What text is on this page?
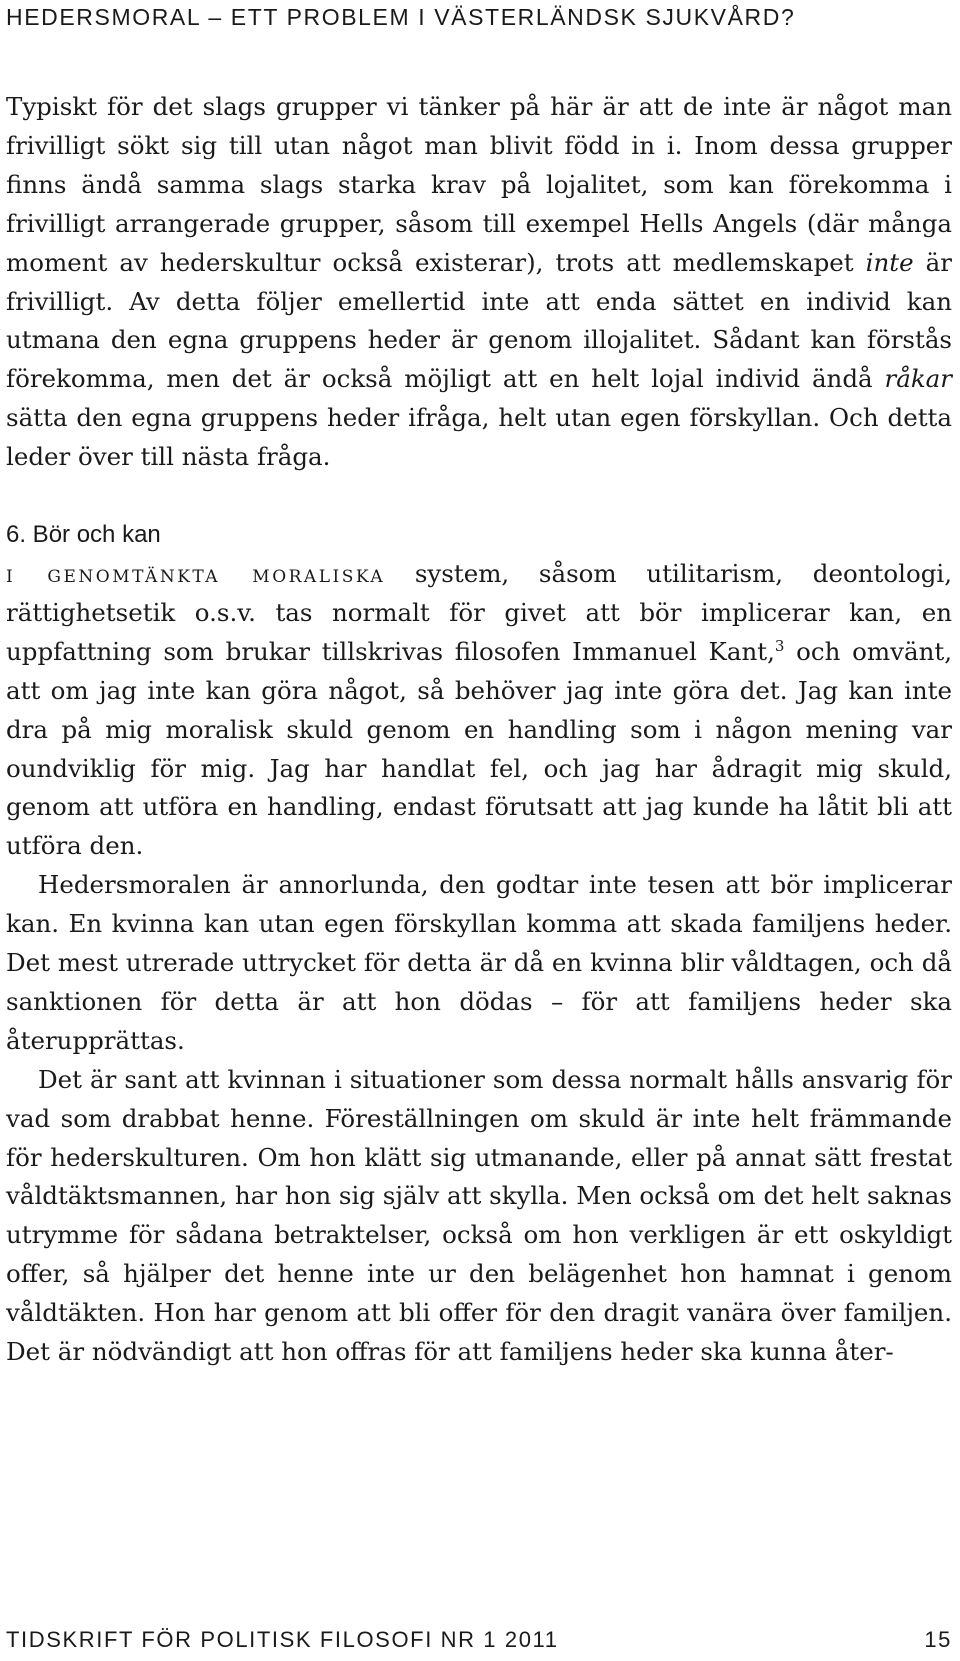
HEDERSMORAL – ETT PROBLEM I VÄSTERLÄNDSK SJUKVÅRD?

Typiskt för det slags grupper vi tänker på här är att de inte är något man frivilligt sökt sig till utan något man blivit född in i. Inom dessa grupper finns ändå samma slags starka krav på lojalitet, som kan förekomma i frivilligt arrangerade grupper, såsom till exempel Hells Angels (där många moment av hederskultur också existerar), trots att medlemskapet inte är frivilligt. Av detta följer emellertid inte att enda sättet en individ kan utmana den egna gruppens heder är genom illojalitet. Sådant kan förstås förekomma, men det är också möjligt att en helt lojal individ ändå råkar sätta den egna gruppens heder ifråga, helt utan egen förskyllan. Och detta leder över till nästa fråga.

6. Bör och kan

i genomtänkta moraliska system, såsom utilitarism, deontologi, rättighetsetik o.s.v. tas normalt för givet att bör implicerar kan, en uppfattning som brukar tillskrivas filosofen Immanuel Kant,$^3$ och omvänt, att om jag inte kan göra något, så behöver jag inte göra det. Jag kan inte dra på mig moralisk skuld genom en handling som i någon mening var oundviklig för mig. Jag har handlat fel, och jag har ådragit mig skuld, genom att utföra en handling, endast förutsatt att jag kunde ha låtit bli att utföra den.

Hedersmoralen är annorlunda, den godtar inte tesen att bör implicerar kan. En kvinna kan utan egen förskyllan komma att skada familjens heder. Det mest utrerade uttrycket för detta är då en kvinna blir våldtagen, och då sanktionen för detta är att hon dödas – för att familjens heder ska återupprättas.

Det är sant att kvinnan i situationer som dessa normalt hålls ansvarig för vad som drabbat henne. Föreställningen om skuld är inte helt främmande för hederskulturen. Om hon klätt sig utmanande, eller på annat sätt frestat våldtäktsmannen, har hon sig själv att skylla. Men också om det helt saknas utrymme för sådana betraktelser, också om hon verkligen är ett oskyldigt offer, så hjälper det henne inte ur den belägenhet hon hamnat i genom våldtäkten. Hon har genom att bli offer för den dragit vanära över familjen. Det är nödvändigt att hon offras för att familjens heder ska kunna åter-

TIDSKRIFT FÖR POLITISK FILOSOFI NR 1 2011	15
